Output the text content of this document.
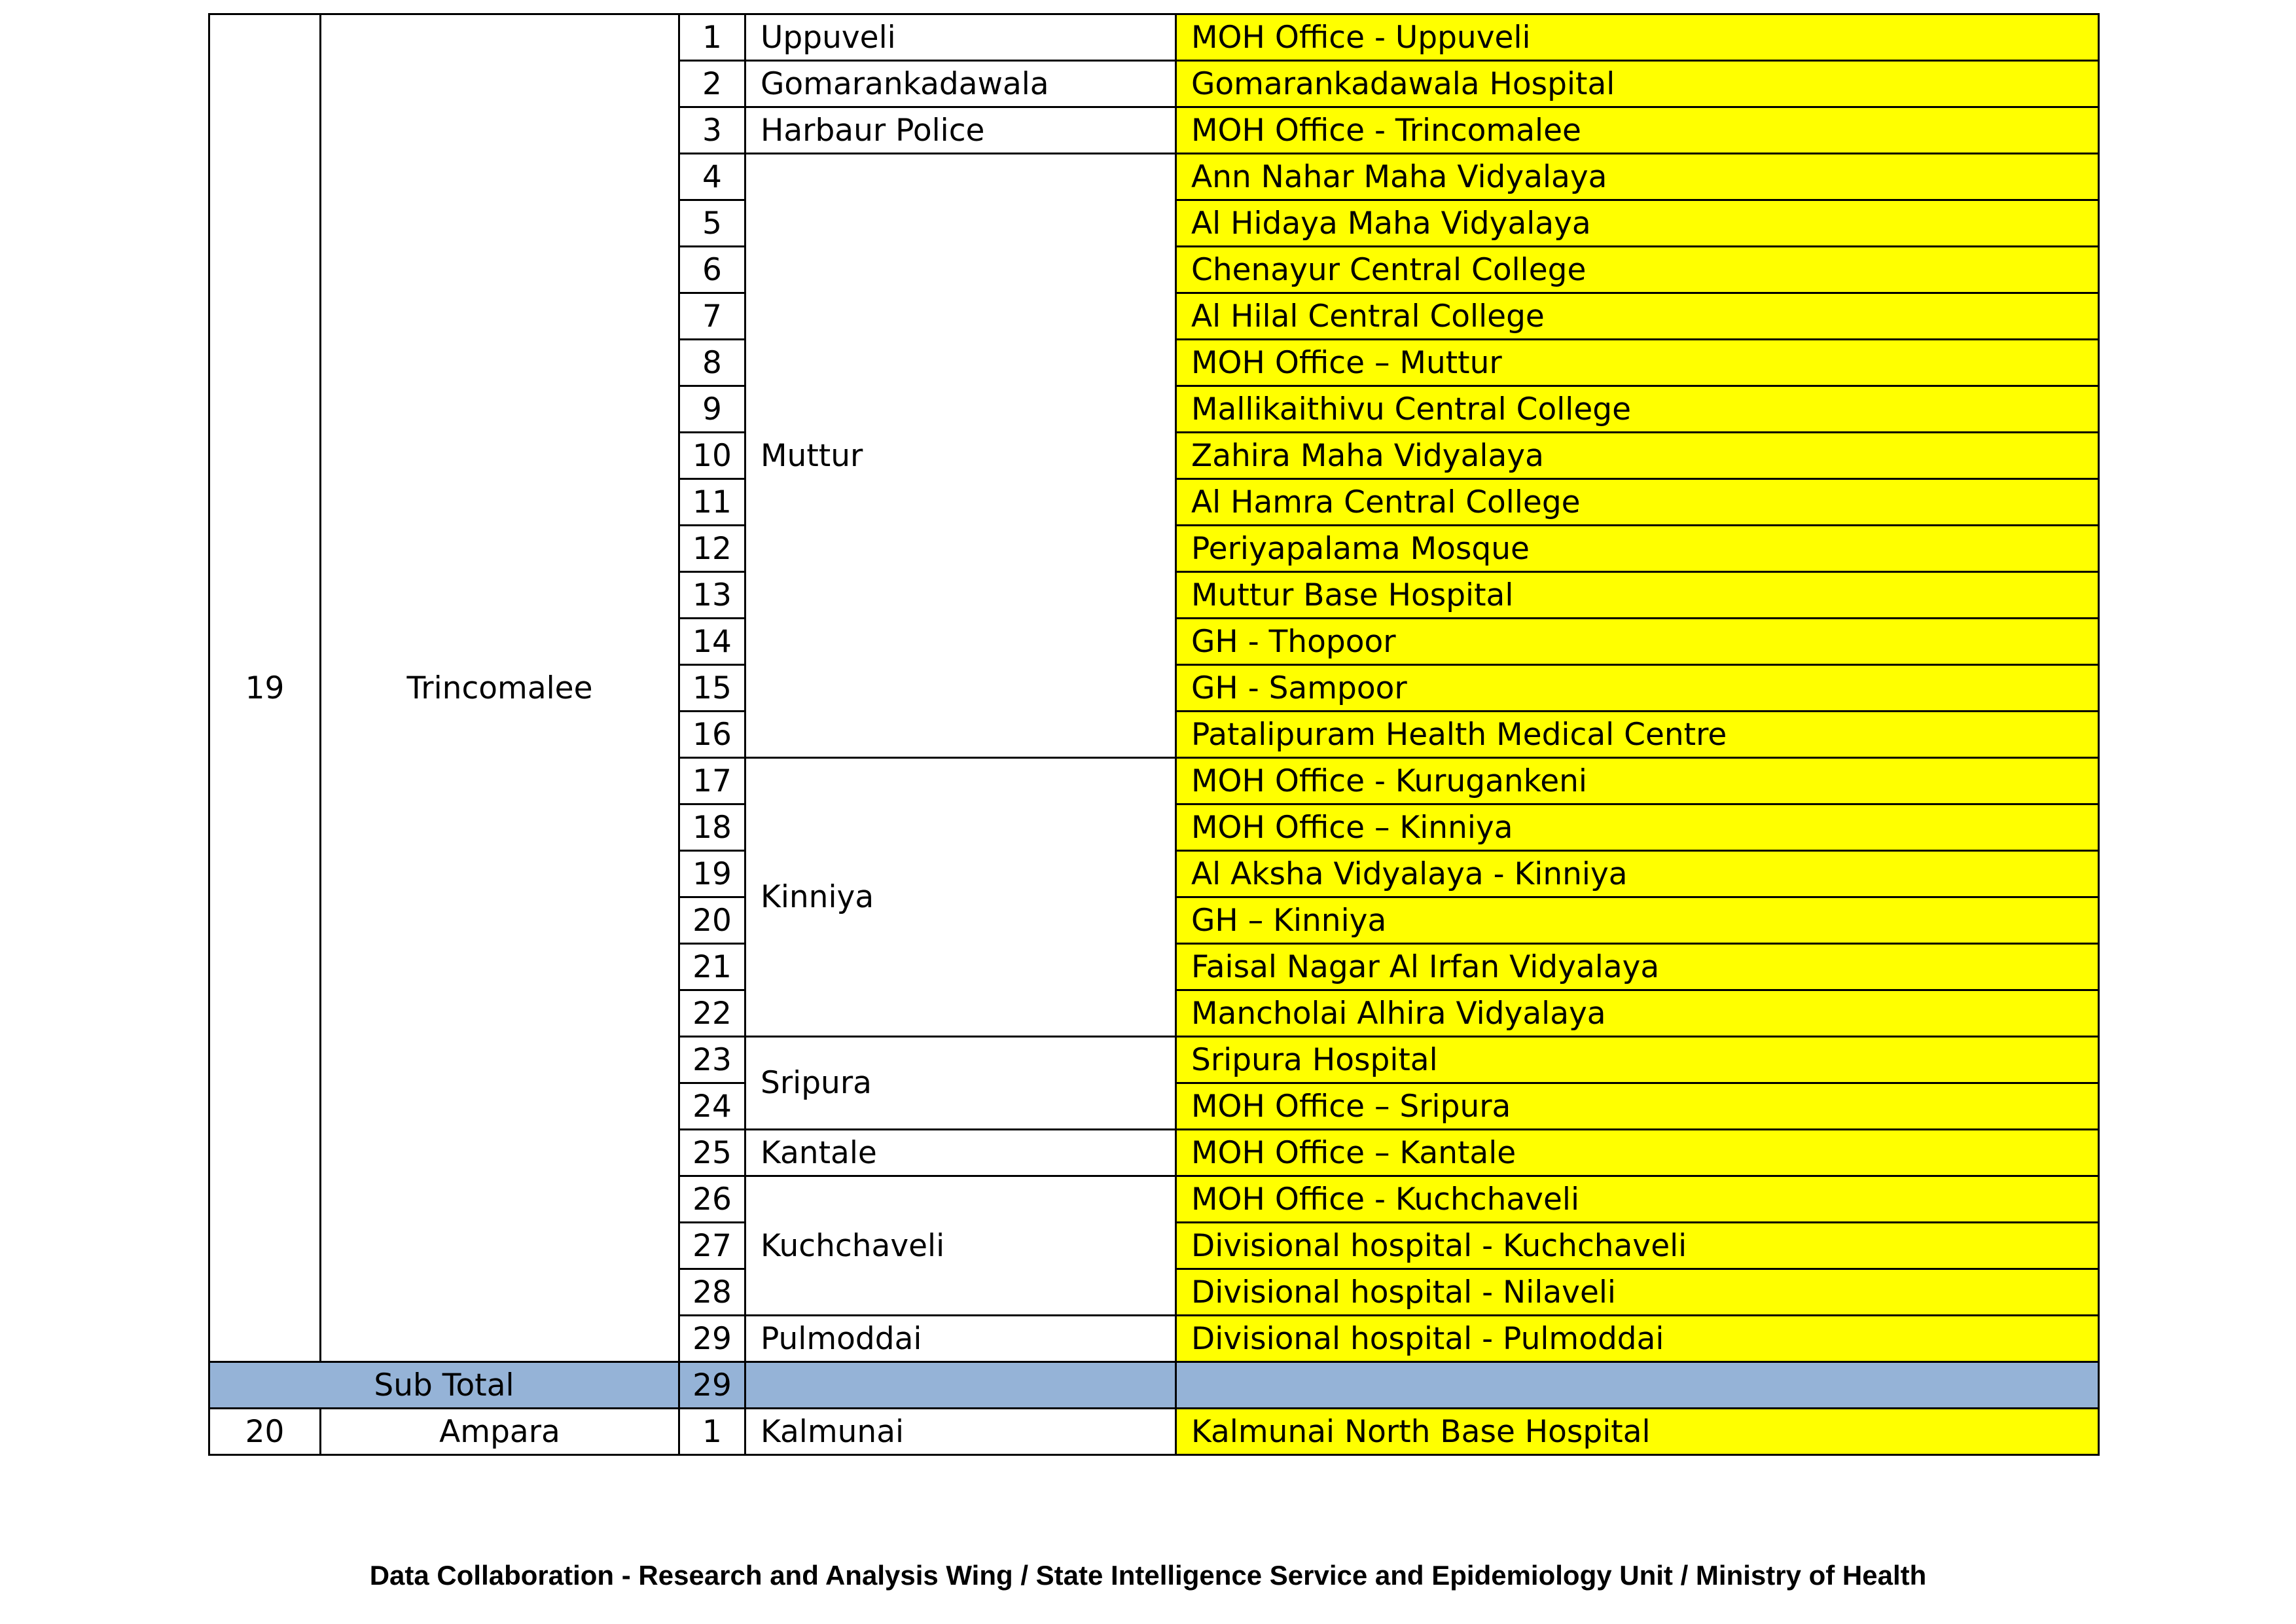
19	Trincomalee	1	Uppuveli	MOH Office - Uppuveli
		2	Gomarankadawala	Gomarankadawala Hospital
		3	Harbaur Police	MOH Office - Trincomalee
		4	Muttur	Ann Nahar Maha Vidyalaya
		5		Al Hidaya Maha Vidyalaya
		6		Chenayur Central College
		7		Al Hilal Central College
		8		MOH Office – Muttur
		9		Mallikaithivu Central College
		10		Zahira Maha Vidyalaya
		11		Al Hamra Central College
		12		Periyapalama Mosque
		13		Muttur Base Hospital
		14		GH - Thopoor
		15		GH - Sampoor
		16		Patalipuram Health Medical Centre
		17	Kinniya	MOH Office - Kurugankeni
		18		MOH Office – Kinniya
		19		Al Aksha Vidyalaya - Kinniya
		20		GH – Kinniya
		21		Faisal Nagar Al Irfan Vidyalaya
		22		Mancholai Alhira Vidyalaya
		23	Sripura	Sripura Hospital
		24		MOH Office – Sripura
		25	Kantale	MOH Office – Kantale
		26	Kuchchaveli	MOH Office - Kuchchaveli
		27		Divisional hospital - Kuchchaveli
		28		Divisional hospital - Nilaveli
		29	Pulmoddai	Divisional hospital - Pulmoddai
Sub Total		29		
20	Ampara	1	Kalmunai	Kalmunai North Base Hospital
Data Collaboration - Research and Analysis Wing / State Intelligence Service and Epidemiology Unit / Ministry of Health
